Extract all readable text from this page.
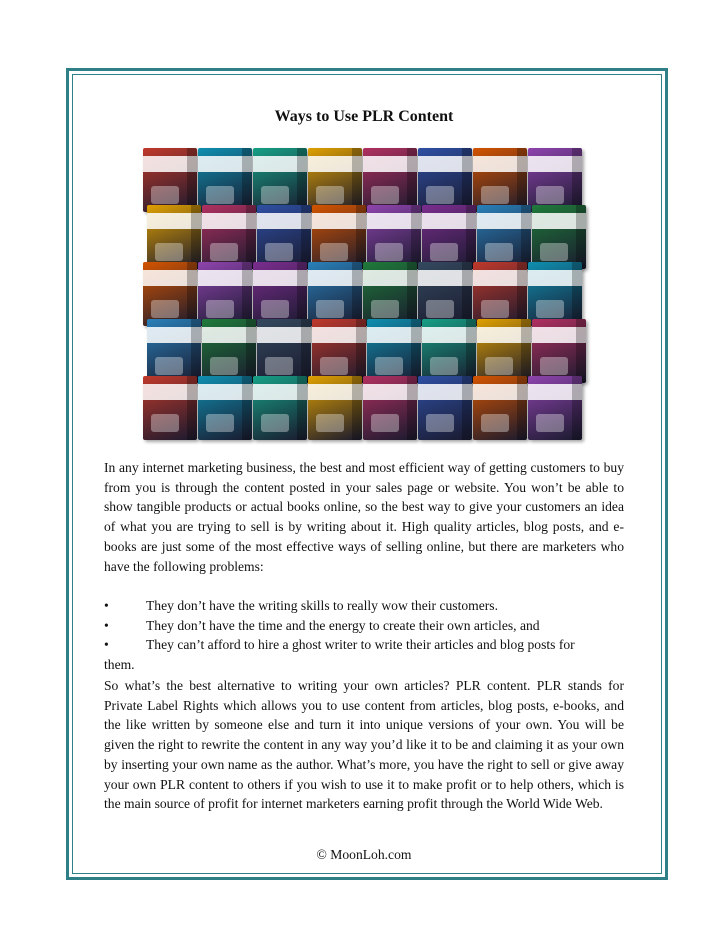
Ways to Use PLR Content
In any internet marketing business, the best and most efficient way of getting customers to buy from you is through the content posted in your sales page or website. You won’t be able to show tangible products or actual books online, so the best way to give your customers an idea of what you are trying to sell is by writing about it. High quality articles, blog posts, and e-books are just some of the most effective ways of selling online, but there are marketers who have the following problems:
•	They don’t have the writing skills to really wow their customers.
•	They don’t have the time and the energy to create their own articles, and
•	They can’t afford to hire a ghost writer to write their articles and blog posts for

them.

So what’s the best alternative to writing your own articles? PLR content. PLR stands for Private Label Rights which allows you to use content from articles, blog posts, e-books, and the like written by someone else and turn it into unique versions of your own. You will be given the right to rewrite the content in any way you’d like it to be and claiming it as your own by inserting your own name as the author. What’s more, you have the right to sell or give away your own PLR content to others if you wish to use it to make profit or to help others, which is the main source of profit for internet marketers earning profit through the World Wide Web.
© MoonLoh.com
